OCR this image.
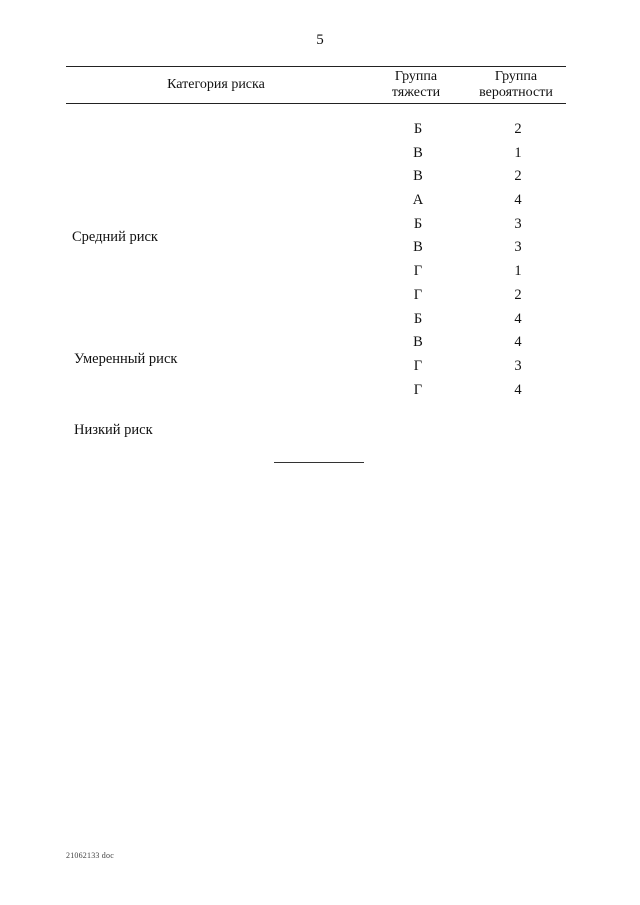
5
Категория риска
Группа
тяжести
Группа
вероятности
Средний риск
Умеренный риск
Низкий риск
Б
В
В
А
Б
В
Г
Г
Б
В
Г
Г
2
1
2
4
3
3
1
2
4
4
3
4
21062133 doc
